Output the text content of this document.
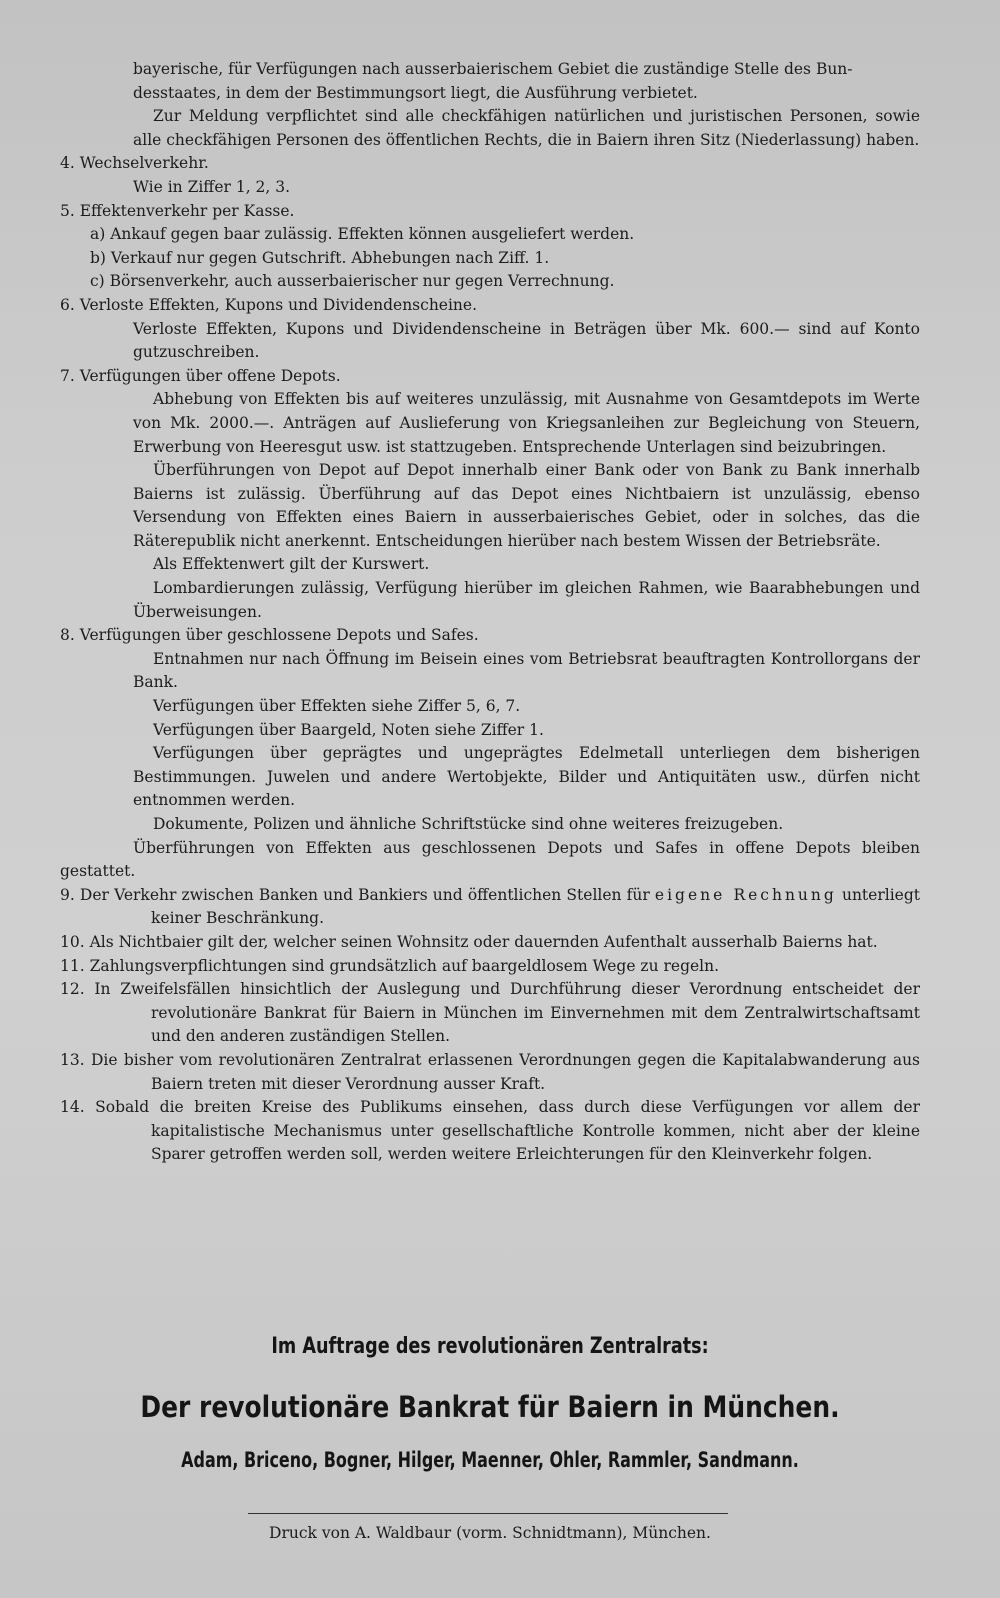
bayerische, für Verfügungen nach ausserbaierischem Gebiet die zuständige Stelle des Bun-
desstaates, in dem der Bestimmungsort liegt, die Ausführung verbietet.

Zur Meldung verpflichtet sind alle checkfähigen natürlichen und juristischen Personen, sowie alle checkfähigen Personen des öffentlichen Rechts, die in Baiern ihren Sitz (Niederlassung) haben.

4. Wechselverkehr.

Wie in Ziffer 1, 2, 3.

5. Effektenverkehr per Kasse.

a) Ankauf gegen baar zulässig. Effekten können ausgeliefert werden.

b) Verkauf nur gegen Gutschrift. Abhebungen nach Ziff. 1.

c) Börsenverkehr, auch ausserbaierischer nur gegen Verrechnung.

6. Verloste Effekten, Kupons und Dividendenscheine.

Verloste Effekten, Kupons und Dividendenscheine in Beträgen über Mk. 600.— sind auf Konto gutzuschreiben.

7. Verfügungen über offene Depots.

Abhebung von Effekten bis auf weiteres unzulässig, mit Ausnahme von Gesamtdepots im Werte von Mk. 2000.—. Anträgen auf Auslieferung von Kriegsanleihen zur Begleichung von Steuern, Erwerbung von Heeresgut usw. ist stattzugeben. Entsprechende Unterlagen sind beizubringen.

Überführungen von Depot auf Depot innerhalb einer Bank oder von Bank zu Bank innerhalb Baierns ist zulässig. Überführung auf das Depot eines Nichtbaiern ist unzulässig, ebenso Versendung von Effekten eines Baiern in ausserbaierisches Gebiet, oder in solches, das die Räterepublik nicht anerkennt. Entscheidungen hierüber nach bestem Wissen der Betriebsräte.

Als Effektenwert gilt der Kurswert.

Lombardierungen zulässig, Verfügung hierüber im gleichen Rahmen, wie Baarabhebungen und Überweisungen.

8. Verfügungen über geschlossene Depots und Safes.

Entnahmen nur nach Öffnung im Beisein eines vom Betriebsrat beauftragten Kontrollorgans der Bank.

Verfügungen über Effekten siehe Ziffer 5, 6, 7.

Verfügungen über Baargeld, Noten siehe Ziffer 1.

Verfügungen über geprägtes und ungeprägtes Edelmetall unterliegen dem bisherigen Bestimmungen. Juwelen und andere Wertobjekte, Bilder und Antiquitäten usw., dürfen nicht entnommen werden.

Dokumente, Polizen und ähnliche Schriftstücke sind ohne weiteres freizugeben.

Überführungen von Effekten aus geschlossenen Depots und Safes in offene Depots bleiben gestattet.

9. Der Verkehr zwischen Banken und Bankiers und öffentlichen Stellen für eigene Rechnung unterliegt keiner Beschränkung.

10. Als Nichtbaier gilt der, welcher seinen Wohnsitz oder dauernden Aufenthalt ausserhalb Baierns hat.

11. Zahlungsverpflichtungen sind grundsätzlich auf baargeldlosem Wege zu regeln.

12. In Zweifelsfällen hinsichtlich der Auslegung und Durchführung dieser Verordnung entscheidet der revolutionäre Bankrat für Baiern in München im Einvernehmen mit dem Zentralwirtschaftsamt und den anderen zuständigen Stellen.

13. Die bisher vom revolutionären Zentralrat erlassenen Verordnungen gegen die Kapitalabwanderung aus Baiern treten mit dieser Verordnung ausser Kraft.

14. Sobald die breiten Kreise des Publikums einsehen, dass durch diese Verfügungen vor allem der kapitalistische Mechanismus unter gesellschaftliche Kontrolle kommen, nicht aber der kleine Sparer getroffen werden soll, werden weitere Erleichterungen für den Kleinverkehr folgen.

Im Auftrage des revolutionären Zentralrats:
Der revolutionäre Bankrat für Baiern in München.
Adam, Briceno, Bogner, Hilger, Maenner, Ohler, Rammler, Sandmann.
Druck von A. Waldbaur (vorm. Schnidtmann), München.
